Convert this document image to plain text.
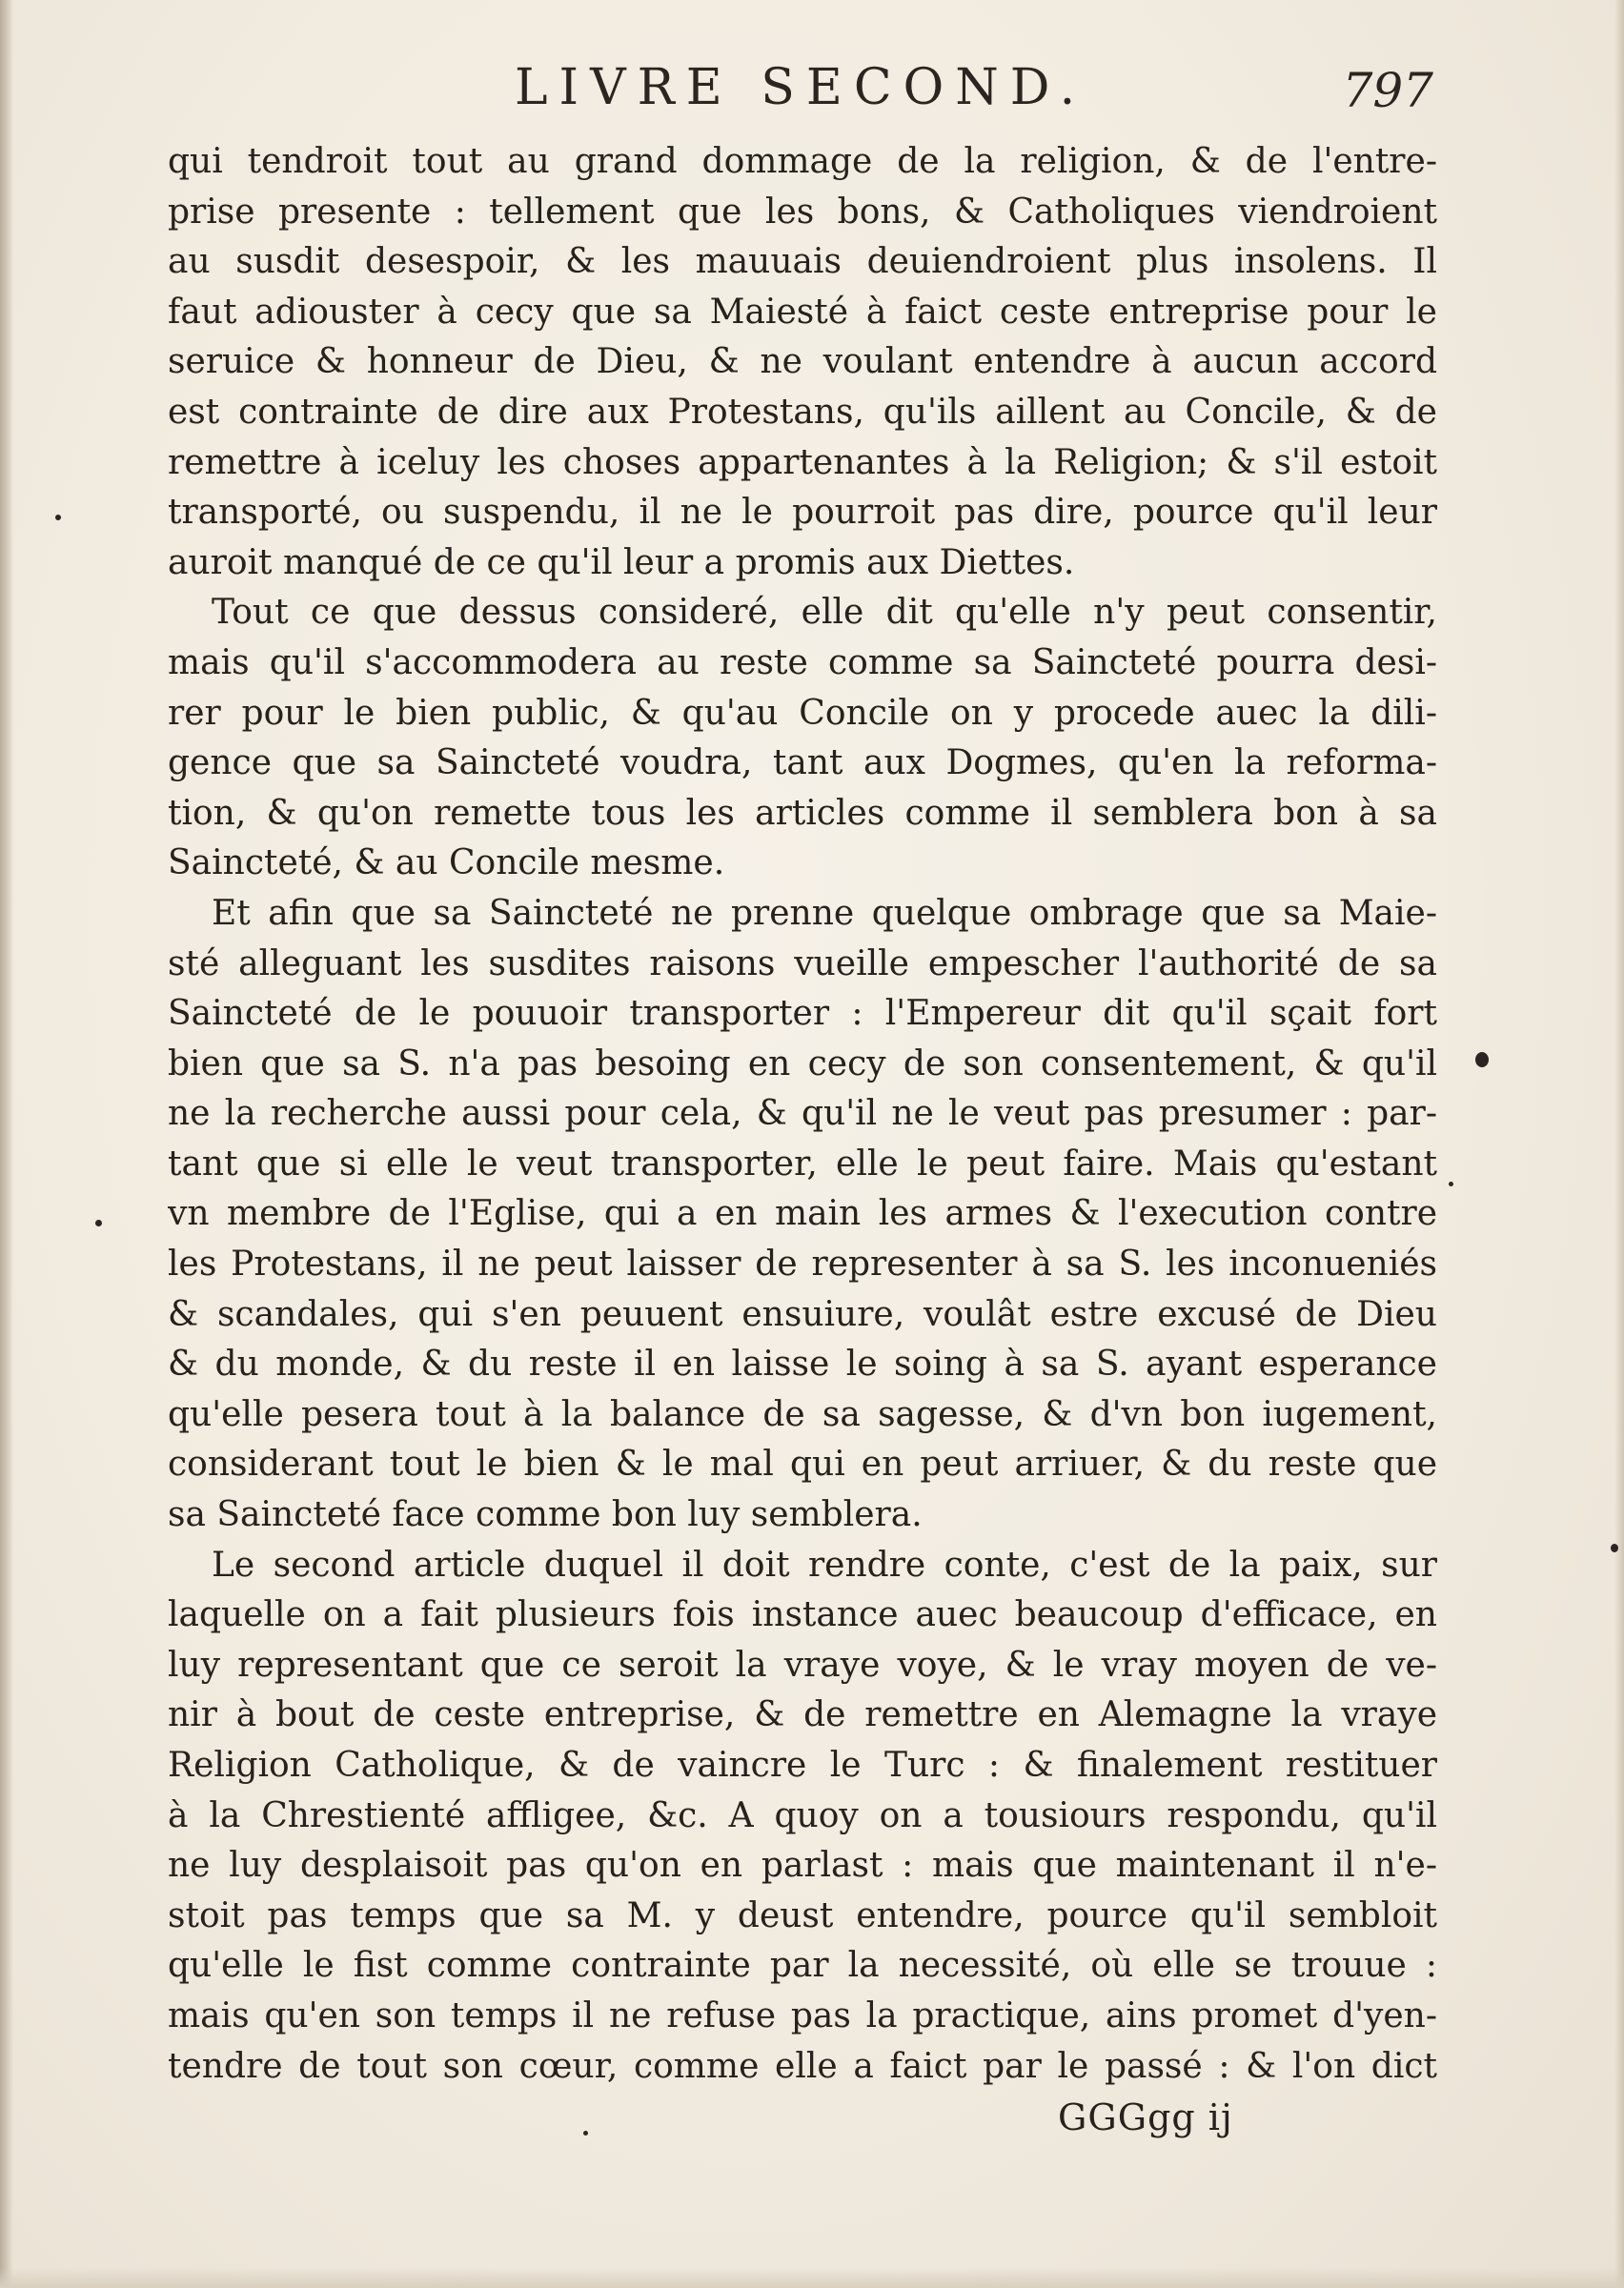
LIVRE SECOND.	797
qui tendroit tout au grand dommage de la religion, & de l'entre-
prise presente : tellement que les bons, & Catholiques viendroient
au susdit desespoir, & les mauuais deuiendroient plus insolens. Il
faut adiouster à cecy que sa Maiesté à faict ceste entreprise pour le
seruice & honneur de Dieu, & ne voulant entendre à aucun accord
est contrainte de dire aux Protestans, qu'ils aillent au Concile, & de
remettre à iceluy les choses appartenantes à la Religion; & s'il estoit
transporté, ou suspendu, il ne le pourroit pas dire, pource qu'il leur
auroit manqué de ce qu'il leur a promis aux Diettes.
Tout ce que dessus consideré, elle dit qu'elle n'y peut consentir,
mais qu'il s'accommodera au reste comme sa Saincteté pourra desi-
rer pour le bien public, & qu'au Concile on y procede auec la dili-
gence que sa Saincteté voudra, tant aux Dogmes, qu'en la reforma-
tion, & qu'on remette tous les articles comme il semblera bon à sa
Saincteté, & au Concile mesme.
Et afin que sa Saincteté ne prenne quelque ombrage que sa Maie-
sté alleguant les susdites raisons vueille empescher l'authorité de sa
Saincteté de le pouuoir transporter : l'Empereur dit qu'il sçait fort
bien que sa S. n'a pas besoing en cecy de son consentement, & qu'il
ne la recherche aussi pour cela, & qu'il ne le veut pas presumer : par-
tant que si elle le veut transporter, elle le peut faire. Mais qu'estant
vn membre de l'Eglise, qui a en main les armes & l'execution contre
les Protestans, il ne peut laisser de representer à sa S. les inconueniés
& scandales, qui s'en peuuent ensuiure, voulât estre excusé de Dieu
& du monde, & du reste il en laisse le soing à sa S. ayant esperance
qu'elle pesera tout à la balance de sa sagesse, & d'vn bon iugement,
considerant tout le bien & le mal qui en peut arriuer, & du reste que
sa Saincteté face comme bon luy semblera.
Le second article duquel il doit rendre conte, c'est de la paix, sur
laquelle on a fait plusieurs fois instance auec beaucoup d'efficace, en
luy representant que ce seroit la vraye voye, & le vray moyen de ve-
nir à bout de ceste entreprise, & de remettre en Alemagne la vraye
Religion Catholique, & de vaincre le Turc : & finalement restituer
à la Chrestienté affligee, &c. A quoy on a tousiours respondu, qu'il
ne luy desplaisoit pas qu'on en parlast : mais que maintenant il n'e-
stoit pas temps que sa M. y deust entendre, pource qu'il sembloit
qu'elle le fist comme contrainte par la necessité, où elle se trouue :
mais qu'en son temps il ne refuse pas la practique, ains promet d'yen-
tendre de tout son cœur, comme elle a faict par le passé : & l'on dict
GGGgg ij
